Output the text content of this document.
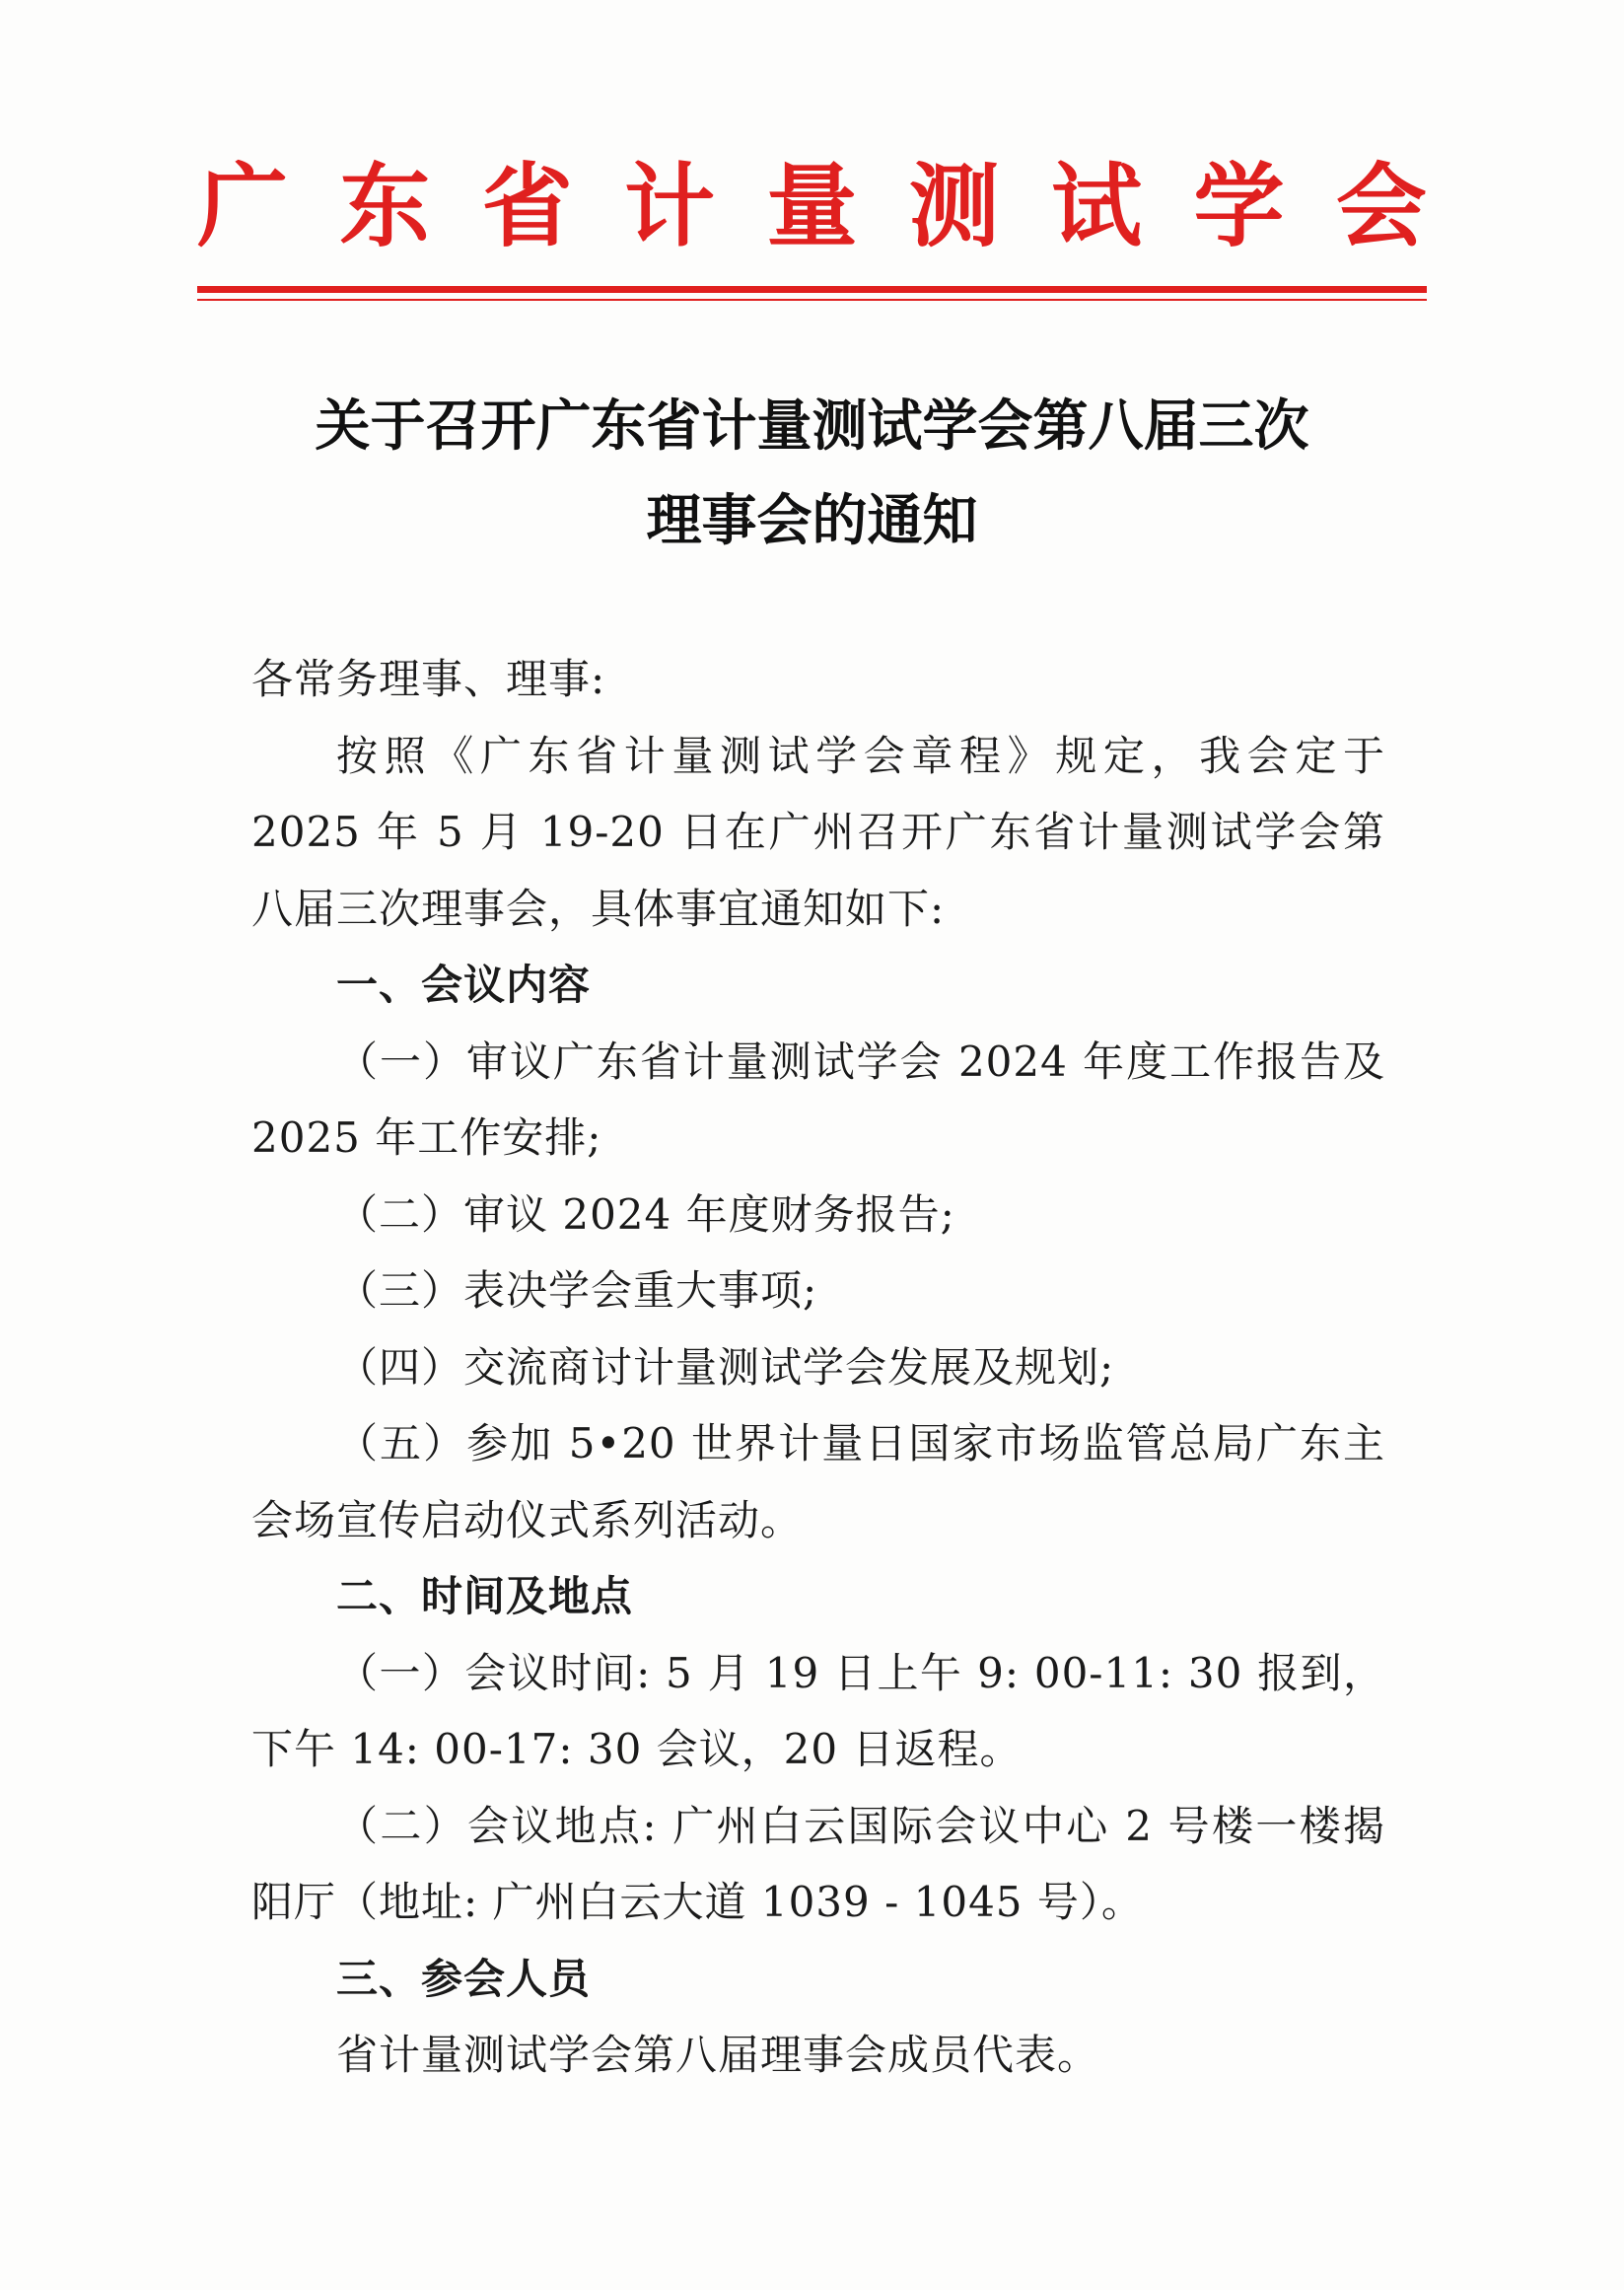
广 东 省 计 量 测 试 学 会
关于召开广东省计量测试学会第八届三次
理事会的通知

各常务理事、理事:

按照《广东省计量测试学会章程》规定，我会定于 2025 年 5 月 19-20 日在广州召开广东省计量测试学会第八届三次理事会，具体事宜通知如下:

一、会议内容

（一）审议广东省计量测试学会 2024 年度工作报告及 2025 年工作安排;

（二）审议 2024 年度财务报告;

（三）表决学会重大事项;

（四）交流商讨计量测试学会发展及规划;

（五）参加 5•20 世界计量日国家市场监管总局广东主会场宣传启动仪式系列活动。

二、时间及地点

（一）会议时间: 5 月 19 日上午 9: 00-11: 30 报到，下午 14: 00-17: 30 会议，20 日返程。

（二）会议地点: 广州白云国际会议中心 2 号楼一楼揭阳厅（地址: 广州白云大道 1039 - 1045 号）。

三、参会人员

省计量测试学会第八届理事会成员代表。
